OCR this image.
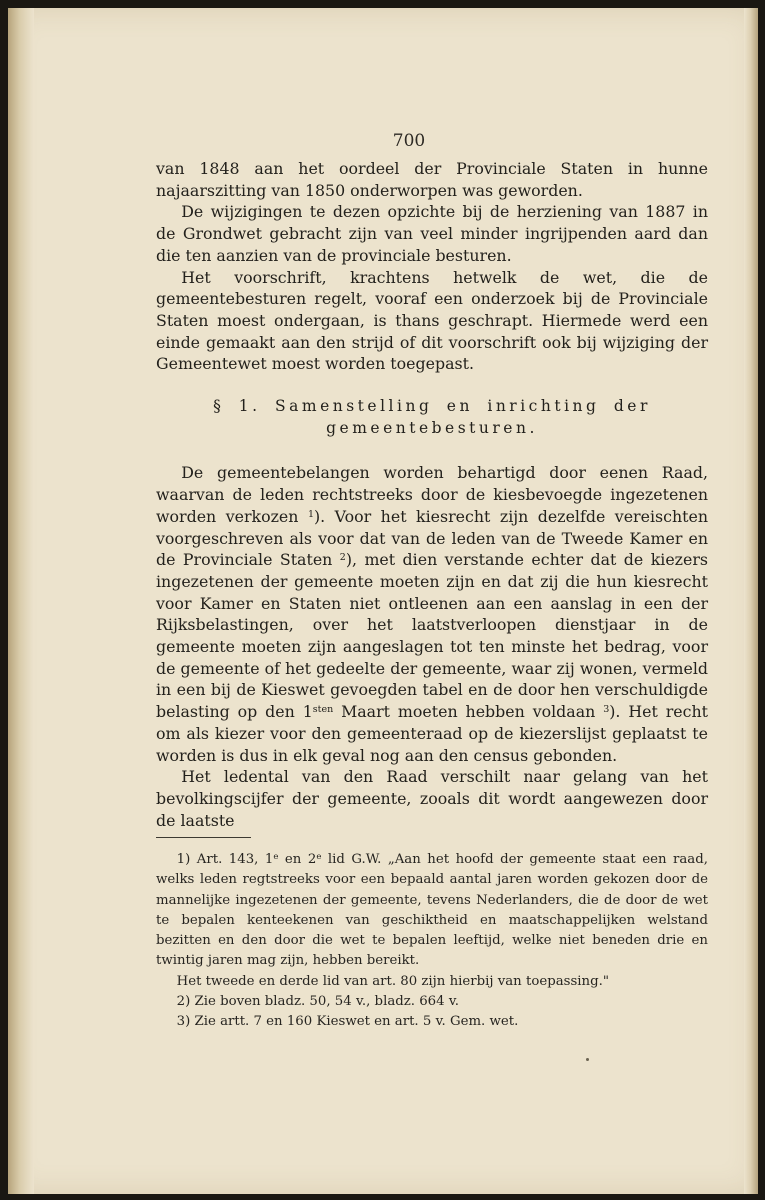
700

van 1848 aan het oordeel der Provinciale Staten in hunne najaarszitting van 1850 onderworpen was geworden.

De wijzigingen te dezen opzichte bij de herziening van 1887 in de Grondwet gebracht zijn van veel minder ingrijpenden aard dan die ten aanzien van de provinciale besturen.

Het voorschrift, krachtens hetwelk de wet, die de gemeentebesturen regelt, vooraf een onderzoek bij de Provinciale Staten moest ondergaan, is thans geschrapt. Hiermede werd een einde gemaakt aan den strijd of dit voorschrift ook bij wijziging der Gemeentewet moest worden toegepast.

§ 1. Samenstelling en inrichting der
gemeentebesturen.

De gemeentebelangen worden behartigd door eenen Raad, waarvan de leden rechtstreeks door de kiesbevoegde ingezetenen worden verkozen $^1$). Voor het kiesrecht zijn dezelfde vereischten voorgeschreven als voor dat van de leden van de Tweede Kamer en de Provinciale Staten $^2$), met dien verstande echter dat de kiezers ingezetenen der gemeente moeten zijn en dat zij die hun kiesrecht voor Kamer en Staten niet ontleenen aan een aanslag in een der Rijksbelastingen, over het laatstverloopen dienstjaar in de gemeente moeten zijn aangeslagen tot ten minste het bedrag, voor de gemeente of het gedeelte der gemeente, waar zij wonen, vermeld in een bij de Kieswet gevoegden tabel en de door hen verschuldigde belasting op den $1^{sten}$ Maart moeten hebben voldaan $^3$). Het recht om als kiezer voor den gemeenteraad op de kiezerslijst geplaatst te worden is dus in elk geval nog aan den census gebonden.

Het ledental van den Raad verschilt naar gelang van het bevolkingscijfer der gemeente, zooals dit wordt aangewezen door de laatste

1) Art. 143, 1e en 2e lid G.W. „Aan het hoofd der gemeente staat een raad, welks leden regtstreeks voor een bepaald aantal jaren worden gekozen door de mannelijke ingezetenen der gemeente, tevens Nederlanders, die de door de wet te bepalen kenteekenen van geschiktheid en maatschappelijken welstand bezitten en den door die wet te bepalen leeftijd, welke niet beneden drie en twintig jaren mag zijn, hebben bereikt.

Het tweede en derde lid van art. 80 zijn hierbij van toepassing."

2) Zie boven bladz. 50, 54 v., bladz. 664 v.

3) Zie artt. 7 en 160 Kieswet en art. 5 v. Gem. wet.
